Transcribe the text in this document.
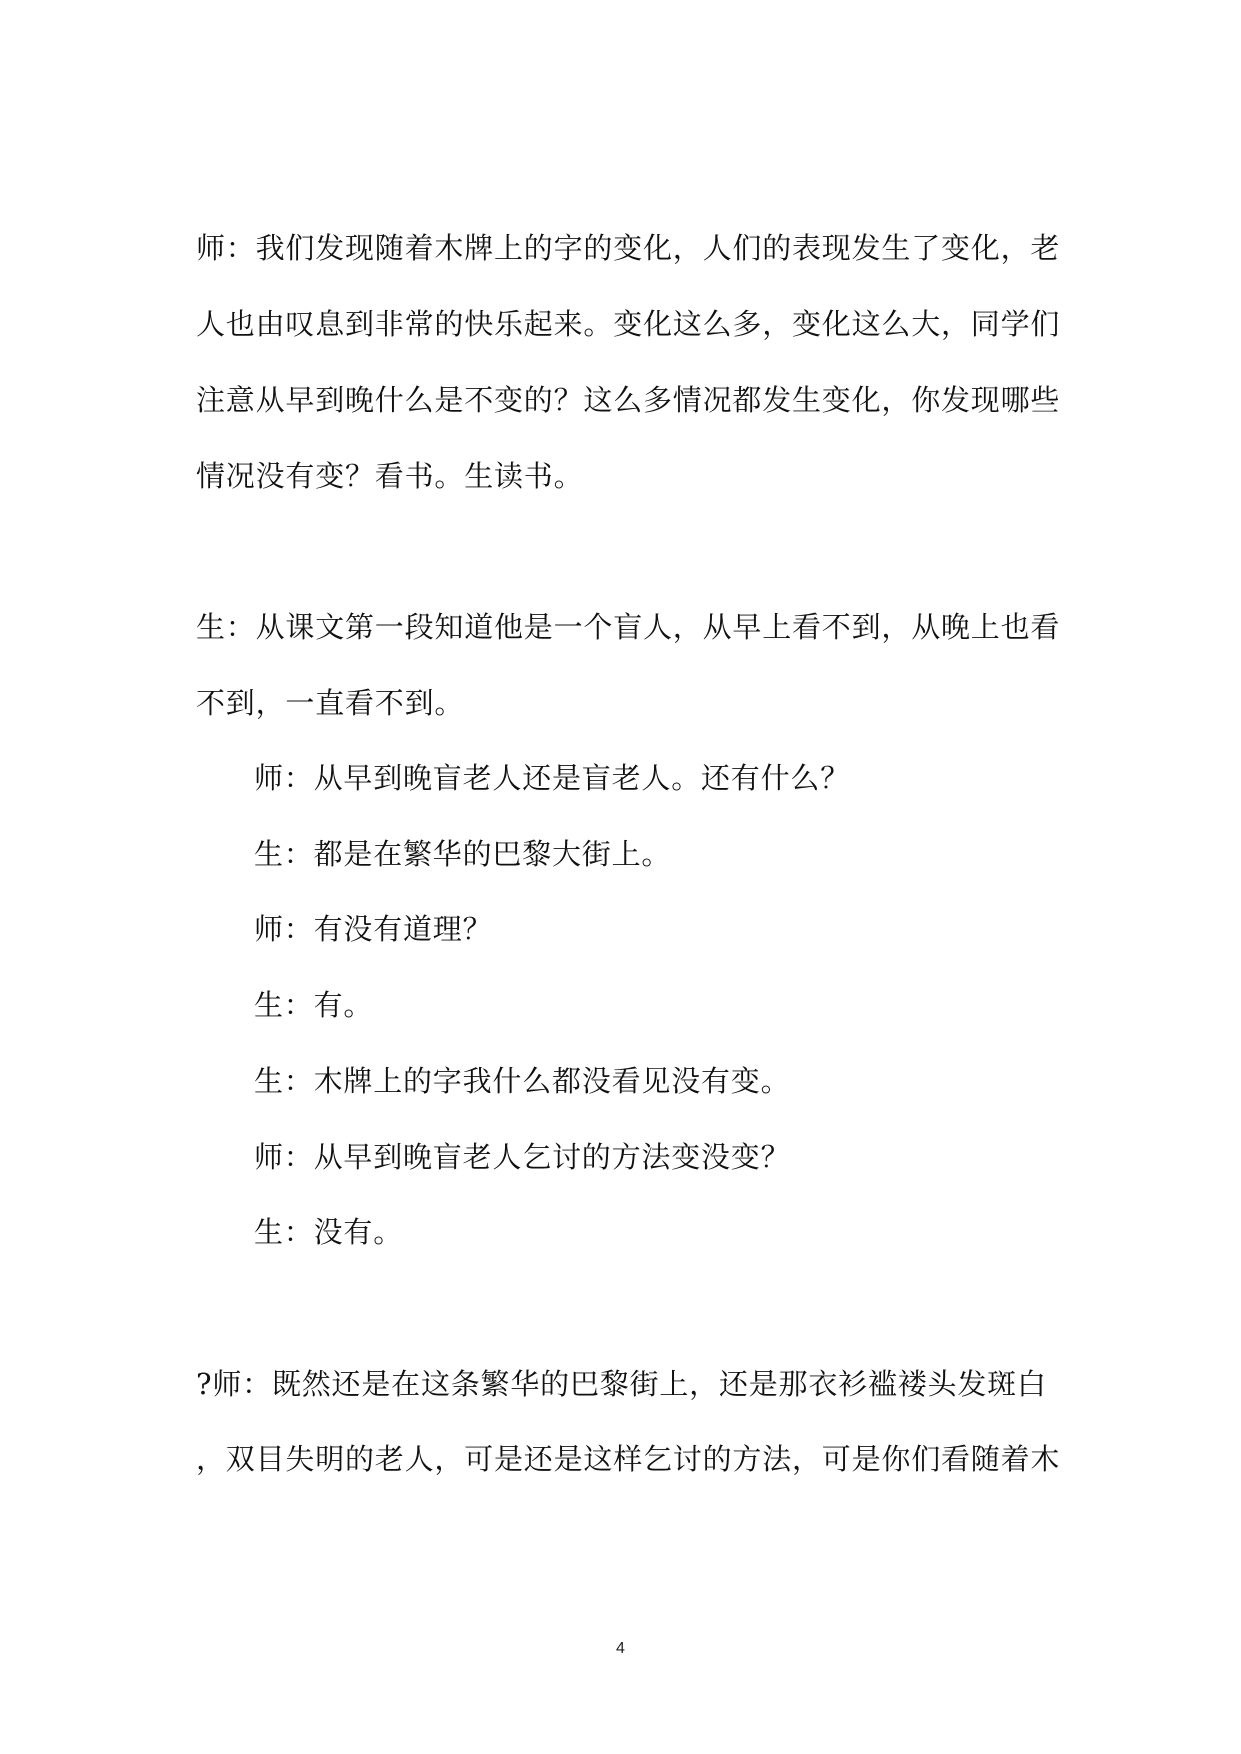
师：我们发现随着木牌上的字的变化，人们的表现发生了变化，老
人也由叹息到非常的快乐起来。变化这么多，变化这么大，同学们
注意从早到晚什么是不变的？这么多情况都发生变化，你发现哪些
情况没有变？看书。生读书。
生：从课文第一段知道他是一个盲人，从早上看不到，从晚上也看
不到，一直看不到。
师：从早到晚盲老人还是盲老人。还有什么？
生：都是在繁华的巴黎大街上。
师：有没有道理？
生：有。
生：木牌上的字我什么都没看见没有变。
师：从早到晚盲老人乞讨的方法变没变？
生：没有。
?师：既然还是在这条繁华的巴黎街上，还是那衣衫褴褛头发斑白
，双目失明的老人，可是还是这样乞讨的方法，可是你们看随着木
4
